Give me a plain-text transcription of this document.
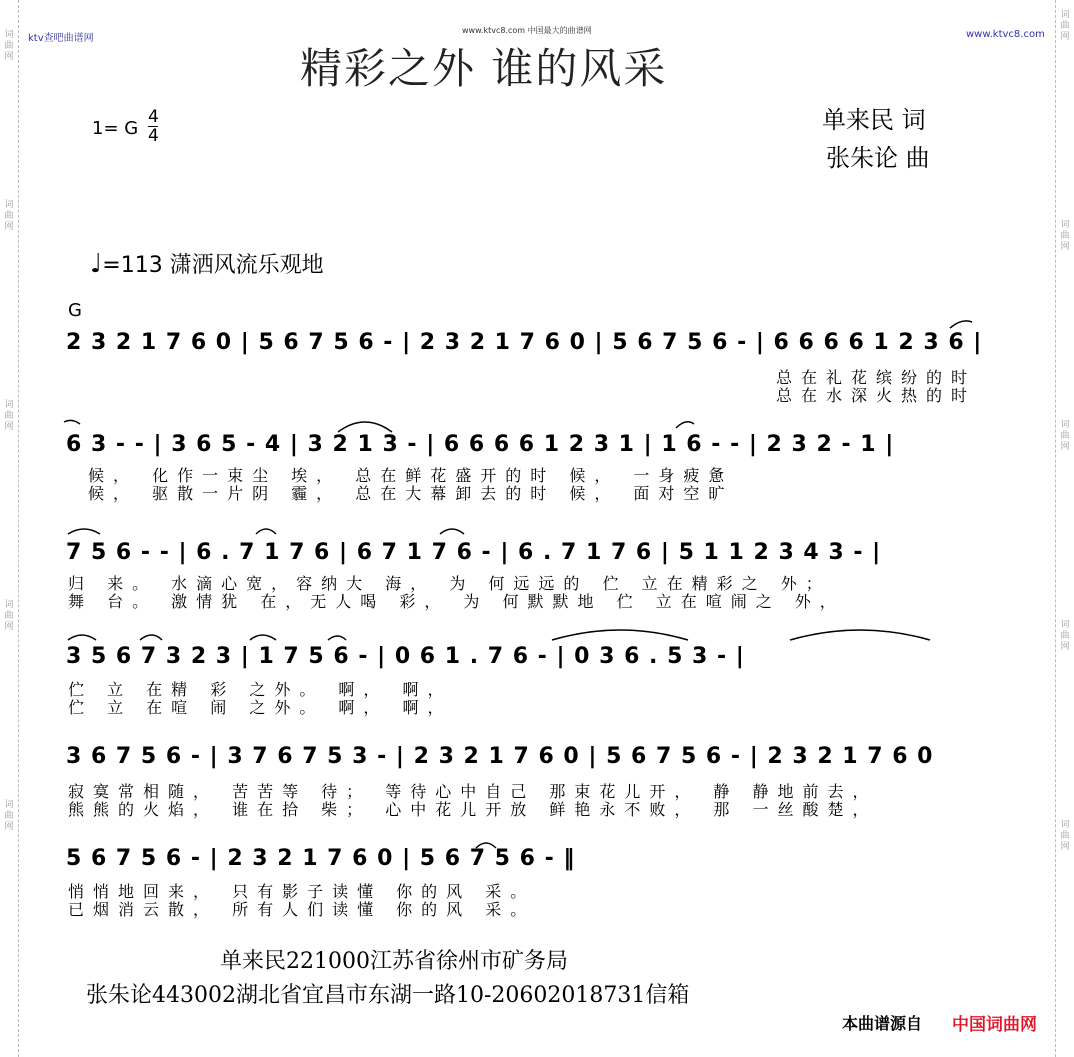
词曲网
词曲网
词曲网
词曲网
词曲网
词曲网
词曲网
词曲网
词曲网
词曲网
ktv查吧曲谱网	www.ktvc8.com
www.ktvc8.com 中国最大的曲谱网
精彩之外 谁的风采
单来民 词
张朱论 曲
1= G $\frac{4}{4}$
♩=113 潇洒风流乐观地
G
2 3 2 1 7 6 0 | 5 6 7 5 6 - | 2 3 2 1 7 6 0 | 5 6 7 5 6 - | 6 6 6 6 1 2 3 6 |
总在礼花缤纷的时
总在水深火热的时
6 3 - - | 3 6 5 - 4 | 3 2 1 3 - | 6 6 6 6 1 2 3 1 | 1 6 - - | 2 3 2 - 1 |
候， 化作一束尘 埃， 总在鲜花盛开的时 候， 一身疲惫
候， 驱散一片阴 霾， 总在大幕卸去的时 候， 面对空旷
7 5 6 - - | 6 . 7 1 7 6 | 6 7 1 7 6 - | 6 . 7 1 7 6 | 5 1 1 2 3 4 3 - |
归 来。 水滴心宽，容纳大 海， 为 何远远的 伫 立在精彩之 外；
舞 台。 激情犹 在，无人喝 彩， 为 何默默地 伫 立在喧闹之 外，
3 5 6 7 3 2 3 | 1 7 5 6 - | 0 6 1 . 7 6 - | 0 3 6 . 5 3 - |
伫 立 在精 彩 之外。 啊， 啊，
伫 立 在喧 闹 之外。 啊， 啊，
3 6 7 5 6 - | 3 7 6 7 5 3 - | 2 3 2 1 7 6 0 | 5 6 7 5 6 - | 2 3 2 1 7 6 0
寂寞常相随， 苦苦等 待； 等待心中自己 那束花儿开， 静 静地前去，
熊熊的火焰， 谁在拾 柴； 心中花儿开放 鲜艳永不败， 那 一丝酸楚，
5 6 7 5 6 - | 2 3 2 1 7 6 0 | 5 6 7 5 6 - ‖
悄悄地回来， 只有影子读懂 你的风 采。
已烟消云散， 所有人们读懂 你的风 采。
单来民221000江苏省徐州市矿务局
张朱论443002湖北省宜昌市东湖一路10-20602018731信箱
本曲谱源自 中国词曲网
